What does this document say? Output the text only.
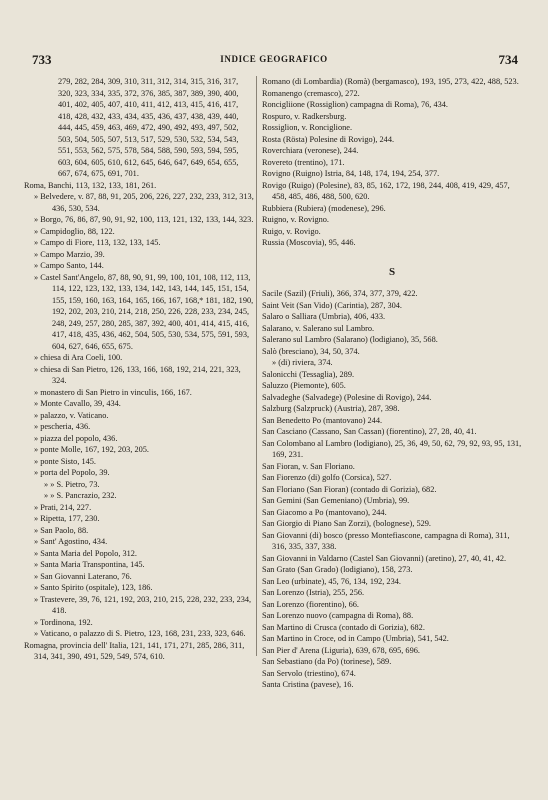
733	INDICE GEOGRAFICO	734
279, 282, 284, 309, 310, 311, 312, 314, 315, 316, 317, 320, 323, 334, 335, 372, 376, 385, 387, 389, 390, 400, 401, 402, 405, 407, 410, 411, 412, 413, 415, 416, 417, 418, 428, 432, 433, 434, 435, 436, 437, 438, 439, 440, 444, 445, 459, 463, 469, 472, 490, 492, 493, 497, 502, 503, 504, 505, 507, 513, 517, 529, 530, 532, 534, 543, 551, 553, 562, 575, 578, 584, 588, 590, 593, 594, 595, 603, 604, 605, 610, 612, 645, 646, 647, 649, 654, 655, 667, 674, 675, 691, 701.
Roma, Banchi, 113, 132, 133, 181, 261.
» Belvedere, v. 87, 88, 91, 205, 206, 226, 227, 232, 233, 312, 313, 436, 530, 534.
» Borgo, 76, 86, 87, 90, 91, 92, 100, 113, 121, 132, 133, 144, 323.
» Campidoglio, 88, 122.
» Campo di Fiore, 113, 132, 133, 145.
» Campo Marzio, 39.
» Campo Santo, 144.
» Castel Sant'Angelo, 87, 88, 90, 91, 99, 100, 101, 108, 112, 113, 114, 122, 123, 132, 133, 134, 142, 143, 144, 145, 151, 154, 155, 159, 160, 163, 164, 165, 166, 167, 168,* 181, 182, 190, 192, 202, 203, 210, 214, 218, 250, 226, 228, 233, 234, 245, 248, 249, 257, 280, 285, 387, 392, 400, 401, 414, 415, 416, 417, 418, 435, 436, 462, 504, 505, 530, 534, 575, 591, 593, 604, 627, 646, 655, 675.
» chiesa di Ara Coeli, 100.
» chiesa di San Pietro, 126, 133, 166, 168, 192, 214, 221, 323, 324.
» monastero di San Pietro in vinculis, 166, 167.
» Monte Cavallo, 39, 434.
» palazzo, v. Vaticano.
» pescheria, 436.
» piazza del popolo, 436.
» ponte Molle, 167, 192, 203, 205.
» ponte Sisto, 145.
» porta del Popolo, 39.
» » S. Pietro, 73.
» » S. Pancrazio, 232.
» Prati, 214, 227.
» Ripetta, 177, 230.
» San Paolo, 88.
» Sant' Agostino, 434.
» Santa Maria del Popolo, 312.
» Santa Maria Transpontina, 145.
» San Giovanni Laterano, 76.
» Santo Spirito (ospitale), 123, 186.
» Trastevere, 39, 76, 121, 192, 203, 210, 215, 228, 232, 233, 234, 418.
» Tordinona, 192.
» Vaticano, o palazzo di S. Pietro, 123, 168, 231, 233, 323, 646.
Romagna, provincia dell' Italia, 121, 141, 171, 271, 285, 286, 311, 314, 341, 390, 491, 529, 549, 574, 610.
Romano (di Lombardia) (Romà) (bergamasco), 193, 195, 273, 422, 488, 523.
Romanengo (cremasco), 272.
Roncigliione (Rossiglion) campagna di Roma), 76, 434.
Rospuro, v. Radkersburg.
Rossiglion, v. Ronciglione.
Rosta (Rösta) Polesine di Rovigo), 244.
Roverchiara (veronese), 244.
Rovereto (trentino), 171.
Rovigno (Ruigno) Istria, 84, 148, 174, 194, 254, 377.
Rovigo (Ruigo) (Polesine), 83, 85, 162, 172, 198, 244, 408, 419, 429, 457, 458, 485, 486, 488, 500, 620.
Rubbiera (Rubiera) (modenese), 296.
Ruigno, v. Rovigno.
Ruigo, v. Rovigo.
Russia (Moscovia), 95, 446.
S
Sacile (Sazil) (Friuli), 366, 374, 377, 379, 422.
Saint Veit (San Vido) (Carintia), 287, 304.
Salaro o Salliara (Umbria), 406, 433.
Salarano, v. Salerano sul Lambro.
Salerano sul Lambro (Salarano) (lodigiano), 35, 568.
Salò (bresciano), 34, 50, 374.
» (di) riviera, 374.
Salonicchi (Tessaglia), 289.
Saluzzo (Piemonte), 605.
Salvadeghe (Salvadege) (Polesine di Rovigo), 244.
Salzburg (Salzpruck) (Austria), 287, 398.
San Benedetto Po (mantovano) 244.
San Casciano (Cassano, San Cassan) (fiorentino), 27, 28, 40, 41.
San Colombano al Lambro (lodigiano), 25, 36, 49, 50, 62, 79, 92, 93, 95, 131, 169, 231.
San Fioran, v. San Floriano.
San Fiorenzo (di) golfo (Corsica), 527.
San Floriano (San Fioran) (contado di Gorizia), 682.
San Gemini (San Gemeniano) (Umbria), 99.
San Giacomo a Po (mantovano), 244.
San Giorgio di Piano San Zorzi), (bolognese), 529.
San Giovanni (di) bosco (presso Montefiascone, campagna di Roma), 311, 316, 335, 337, 338.
San Giovanni in Valdarno (Castel San Giovanni) (aretino), 27, 40, 41, 42.
San Grato (San Grado) (lodigiano), 158, 273.
San Leo (urbinate), 45, 76, 134, 192, 234.
San Lorenzo (Istria), 255, 256.
San Lorenzo (fiorentino), 66.
San Lorenzo nuovo (campagna di Roma), 88.
San Martino di Crusca (contado di Gorizia), 682.
San Martino in Croce, od in Campo (Umbria), 541, 542.
San Pier d' Arena (Liguria), 639, 678, 695, 696.
San Sebastiano (da Po) (torinese), 589.
San Servolo (triestino), 674.
Santa Cristina (pavese), 16.
